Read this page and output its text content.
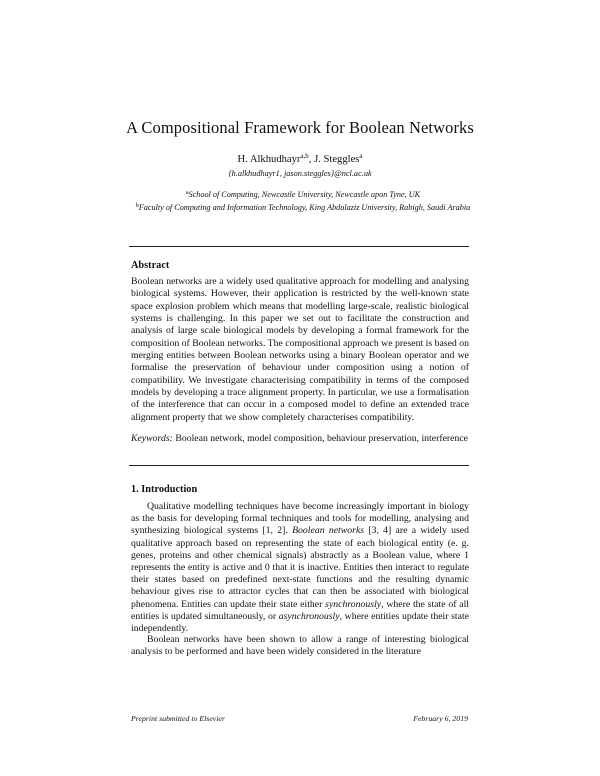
A Compositional Framework for Boolean Networks
H. Alkhudhayr$^{a,b}$, J. Steggles$^a$
{h.alkhudhayr1, jason.steggles}@ncl.ac.uk
$^a$School of Computing, Newcastle University, Newcastle upon Tyne, UK
$^b$Faculty of Computing and Information Technology, King Abdulaziz University, Rabigh, Saudi Arabia
Abstract
Boolean networks are a widely used qualitative approach for modelling and analysing biological systems. However, their application is restricted by the well-known state space explosion problem which means that modelling large-scale, realistic biological systems is challenging. In this paper we set out to facilitate the construction and analysis of large scale biological models by developing a formal framework for the composition of Boolean networks. The compositional approach we present is based on merging entities between Boolean networks using a binary Boolean operator and we formalise the preservation of behaviour under composition using a notion of compatibility. We investigate characterising compatibility in terms of the composed models by developing a trace alignment property. In particular, we use a formalisation of the interference that can occur in a composed model to define an extended trace alignment property that we show completely characterises compatibility.
Keywords: Boolean network, model composition, behaviour preservation, interference
1. Introduction

Qualitative modelling techniques have become increasingly important in biology as the basis for developing formal techniques and tools for modelling, analysing and synthesizing biological systems [1, 2]. Boolean networks [3, 4] are a widely used qualitative approach based on representing the state of each biological entity (e. g. genes, proteins and other chemical signals) abstractly as a Boolean value, where 1 represents the entity is active and 0 that it is inactive. Entities then interact to regulate their states based on predefined next-state functions and the resulting dynamic behaviour gives rise to attractor cycles that can then be associated with biological phenomena. Entities can update their state either synchronously, where the state of all entities is updated simultaneously, or asynchronously, where entities update their state independently.

Boolean networks have been shown to allow a range of interesting biological analysis to be performed and have been widely considered in the literature

Preprint submitted to Elsevier	February 6, 2019
